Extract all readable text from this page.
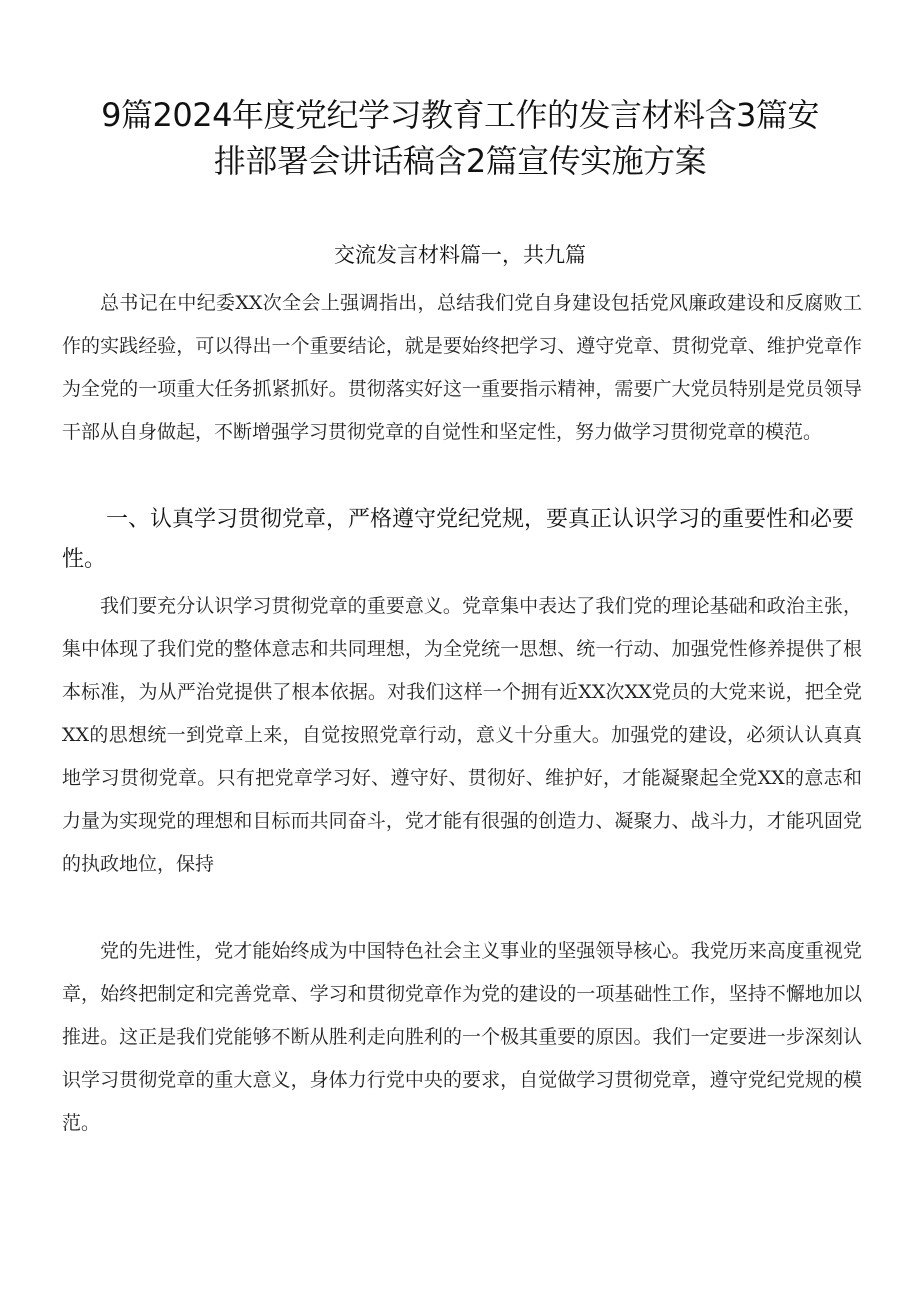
9篇2024年度党纪学习教育工作的发言材料含3篇安
排部署会讲话稿含2篇宣传实施方案
交流发言材料篇一，共九篇

总书记在中纪委XX次全会上强调指出，总结我们党自身建设包括党风廉政建设和反腐败工作的实践经验，可以得出一个重要结论，就是要始终把学习、遵守党章、贯彻党章、维护党章作为全党的一项重大任务抓紧抓好。贯彻落实好这一重要指示精神，需要广大党员特别是党员领导干部从自身做起，不断增强学习贯彻党章的自觉性和坚定性，努力做学习贯彻党章的模范。

一、认真学习贯彻党章，严格遵守党纪党规，要真正认识学习的重要性和必要性。

我们要充分认识学习贯彻党章的重要意义。党章集中表达了我们党的理论基础和政治主张，集中体现了我们党的整体意志和共同理想，为全党统一思想、统一行动、加强党性修养提供了根本标准，为从严治党提供了根本依据。对我们这样一个拥有近XX次XX党员的大党来说，把全党XX的思想统一到党章上来，自觉按照党章行动，意义十分重大。加强党的建设，必须认认真真地学习贯彻党章。只有把党章学习好、遵守好、贯彻好、维护好，才能凝聚起全党XX的意志和力量为实现党的理想和目标而共同奋斗，党才能有很强的创造力、凝聚力、战斗力，才能巩固党的执政地位，保持

党的先进性，党才能始终成为中国特色社会主义事业的坚强领导核心。我党历来高度重视党章，始终把制定和完善党章、学习和贯彻党章作为党的建设的一项基础性工作，坚持不懈地加以推进。这正是我们党能够不断从胜利走向胜利的一个极其重要的原因。我们一定要进一步深刻认识学习贯彻党章的重大意义，身体力行党中央的要求，自觉做学习贯彻党章，遵守党纪党规的模范。
